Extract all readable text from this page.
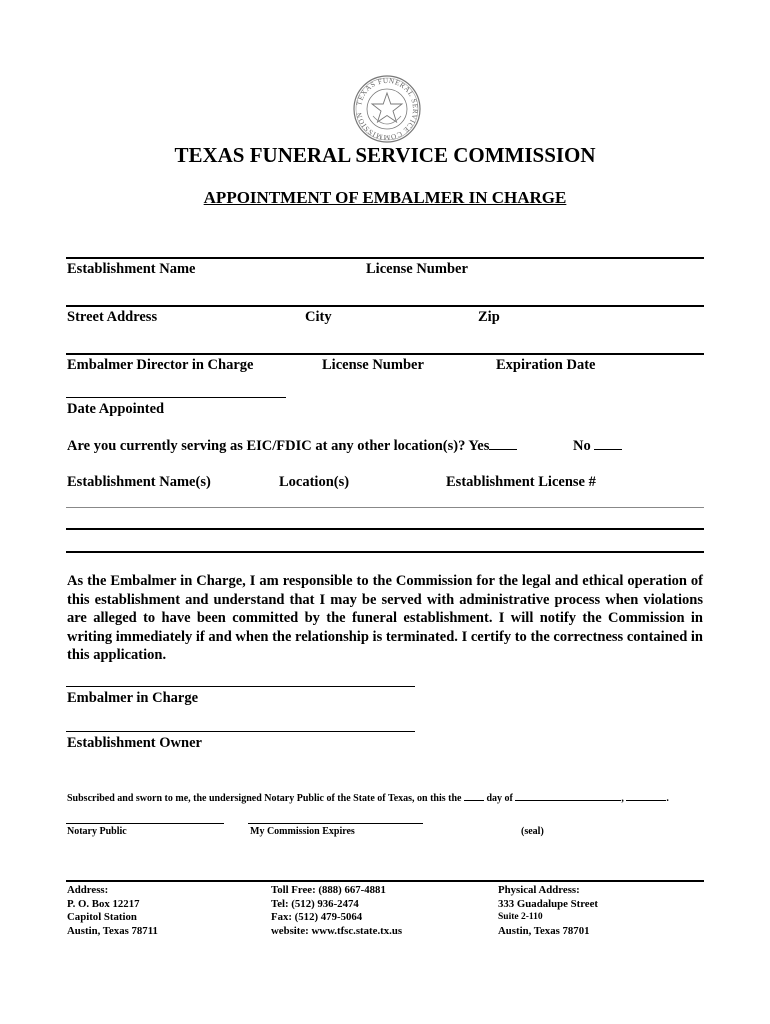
TEXAS FUNERAL SERVICE COMMISSION
TEXAS FUNERAL SERVICE COMMISSION
APPOINTMENT OF EMBALMER IN CHARGE
Establishment Name	License Number
Street Address	City	Zip
Embalmer Director in Charge	License Number	Expiration Date
Date Appointed
Are you currently serving as EIC/FDIC at any other location(s)? Yes	No
Establishment Name(s)	Location(s)	Establishment License #
As the Embalmer in Charge, I am responsible to the Commission for the legal and ethical operation of this establishment and understand that I may be served with administrative process when violations are alleged to have been committed by the funeral establishment. I will notify the Commission in writing immediately if and when the relationship is terminated. I certify to the correctness contained in this application.
Embalmer in Charge
Establishment Owner
Subscribed and sworn to me, the undersigned Notary Public of the State of Texas, on this the	day of	,	.
Notary Public	My Commission Expires	(seal)
Address:
P. O. Box 12217
Capitol Station
Austin, Texas 78711
Toll Free: (888) 667-4881
Tel: (512) 936-2474
Fax: (512) 479-5064
website: www.tfsc.state.tx.us
Physical Address:
333 Guadalupe Street
Suite 2-110
Austin, Texas 78701
